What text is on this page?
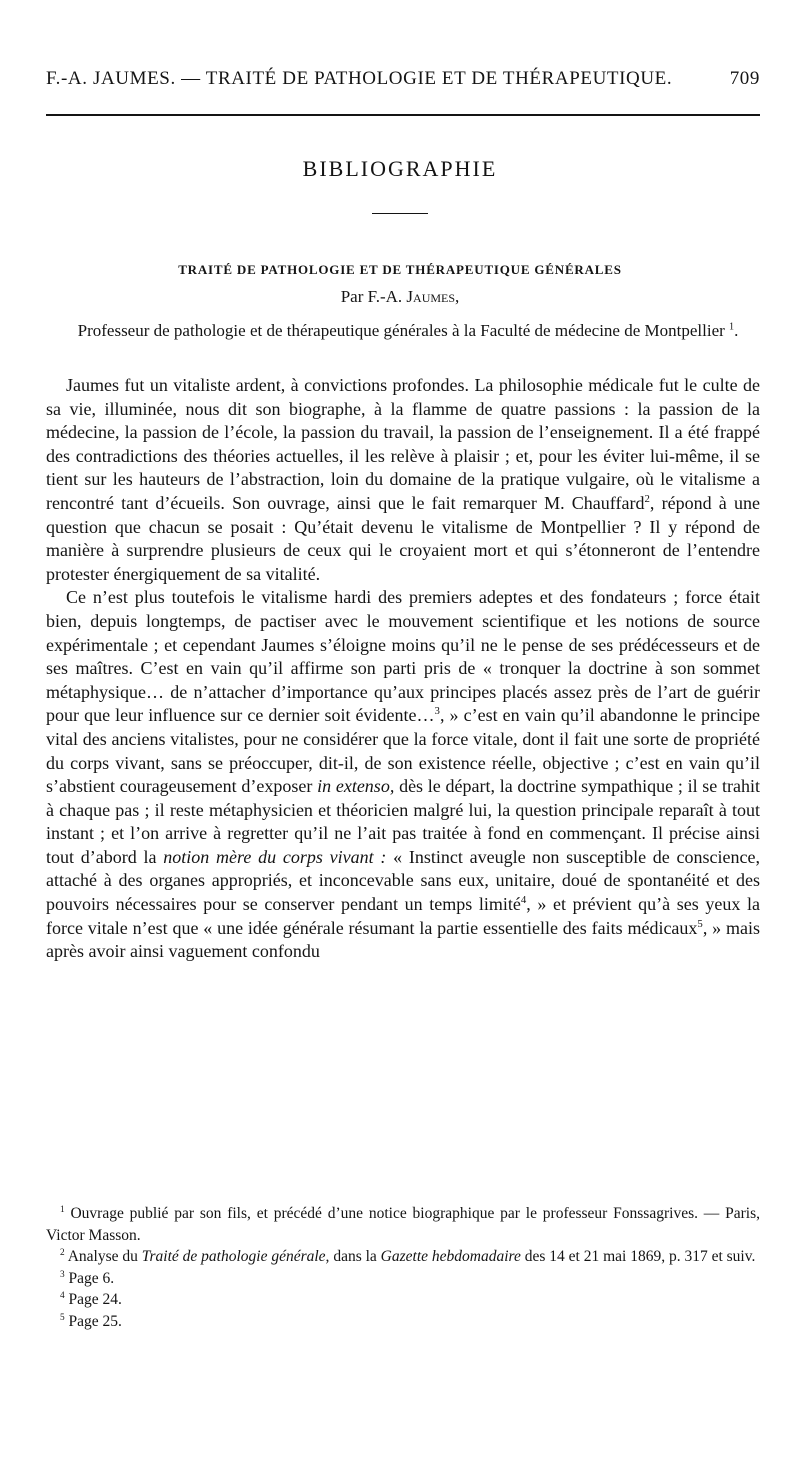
F.-A. JAUMES. — TRAITÉ DE PATHOLOGIE ET DE THÉRAPEUTIQUE.	709
BIBLIOGRAPHIE
TRAITÉ DE PATHOLOGIE ET DE THÉRAPEUTIQUE GÉNÉRALES
Par F.-A. Jaumes,
Professeur de pathologie et de thérapeutique générales à la Faculté de médecine de Montpellier $^1$.

Jaumes fut un vitaliste ardent, à convictions profondes. La philosophie médicale fut le culte de sa vie, illuminée, nous dit son biographe, à la flamme de quatre passions : la passion de la médecine, la passion de l’école, la passion du travail, la passion de l’enseignement. Il a été frappé des contradictions des théories actuelles, il les relève à plaisir ; et, pour les éviter lui-même, il se tient sur les hauteurs de l’abstraction, loin du domaine de la pratique vulgaire, où le vitalisme a rencontré tant d’écueils. Son ouvrage, ainsi que le fait remarquer M. Chauffard$^2$, répond à une question que chacun se posait : Qu’était devenu le vitalisme de Montpellier ? Il y répond de manière à surprendre plusieurs de ceux qui le croyaient mort et qui s’étonneront de l’entendre protester énergiquement de sa vitalité.

Ce n’est plus toutefois le vitalisme hardi des premiers adeptes et des fondateurs ; force était bien, depuis longtemps, de pactiser avec le mouvement scientifique et les notions de source expérimentale ; et cependant Jaumes s’éloigne moins qu’il ne le pense de ses prédécesseurs et de ses maîtres. C’est en vain qu’il affirme son parti pris de « tronquer la doctrine à son sommet métaphysique… de n’attacher d’importance qu’aux principes placés assez près de l’art de guérir pour que leur influence sur ce dernier soit évidente…$^3$, » c’est en vain qu’il abandonne le principe vital des anciens vitalistes, pour ne considérer que la force vitale, dont il fait une sorte de propriété du corps vivant, sans se préoccuper, dit-il, de son existence réelle, objective ; c’est en vain qu’il s’abstient courageusement d’exposer in extenso, dès le départ, la doctrine sympathique ; il se trahit à chaque pas ; il reste métaphysicien et théoricien malgré lui, la question principale reparaît à tout instant ; et l’on arrive à regretter qu’il ne l’ait pas traitée à fond en commençant. Il précise ainsi tout d’abord la notion mère du corps vivant : « Instinct aveugle non susceptible de conscience, attaché à des organes appropriés, et inconcevable sans eux, unitaire, doué de spontanéité et des pouvoirs nécessaires pour se conserver pendant un temps limité$^4$, » et prévient qu’à ses yeux la force vitale n’est que « une idée générale résumant la partie essentielle des faits médicaux$^5$, » mais après avoir ainsi vaguement confondu

$^1$ Ouvrage publié par son fils, et précédé d’une notice biographique par le professeur Fonssagrives. — Paris, Victor Masson.

$^2$ Analyse du Traité de pathologie générale, dans la Gazette hebdomadaire des 14 et 21 mai 1869, p. 317 et suiv.

$^3$ Page 6.

$^4$ Page 24.

$^5$ Page 25.
